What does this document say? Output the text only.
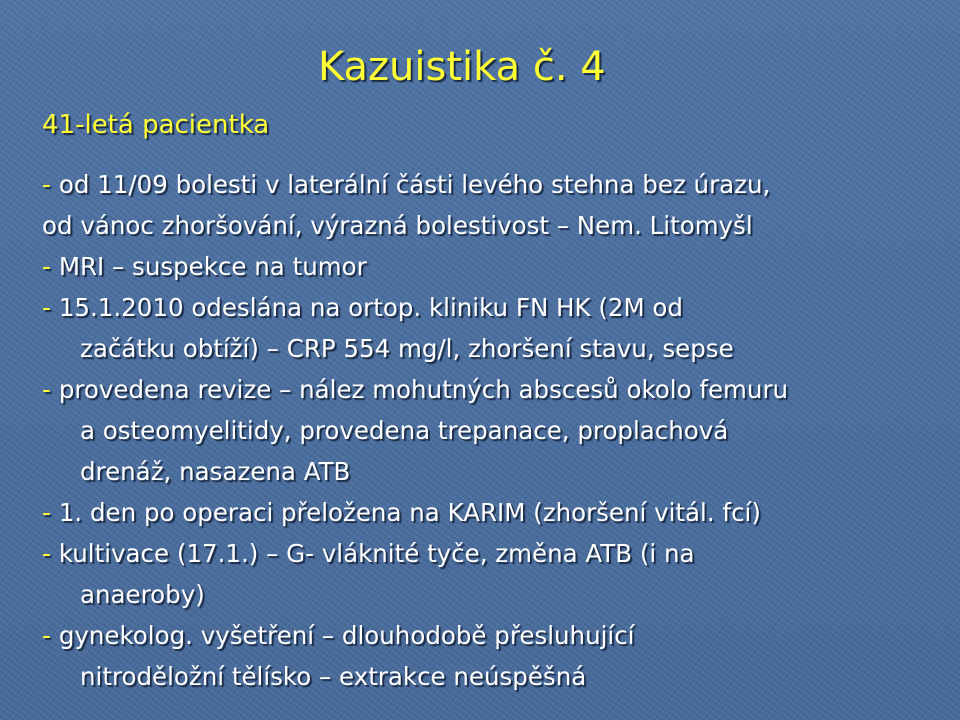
Kazuistika č. 4
41-letá pacientka
- od 11/09 bolesti v laterální části levého stehna bez úrazu,
od vánoc zhoršování, výrazná bolestivost – Nem. Litomyšl
- MRI – suspekce na tumor
- 15.1.2010 odeslána na ortop. kliniku FN HK (2M od
začátku obtíží) – CRP 554 mg/l, zhoršení stavu, sepse
- provedena revize – nález mohutných abscesů okolo femuru
a osteomyelitidy, provedena trepanace, proplachová
drenáž, nasazena ATB
- 1. den po operaci přeložena na KARIM (zhoršení vitál. fcí)
- kultivace (17.1.) – G- vláknité tyče, změna ATB (i na
anaeroby)
- gynekolog. vyšetření – dlouhodobě přesluhující
nitroděložní tělísko – extrakce neúspěšná
